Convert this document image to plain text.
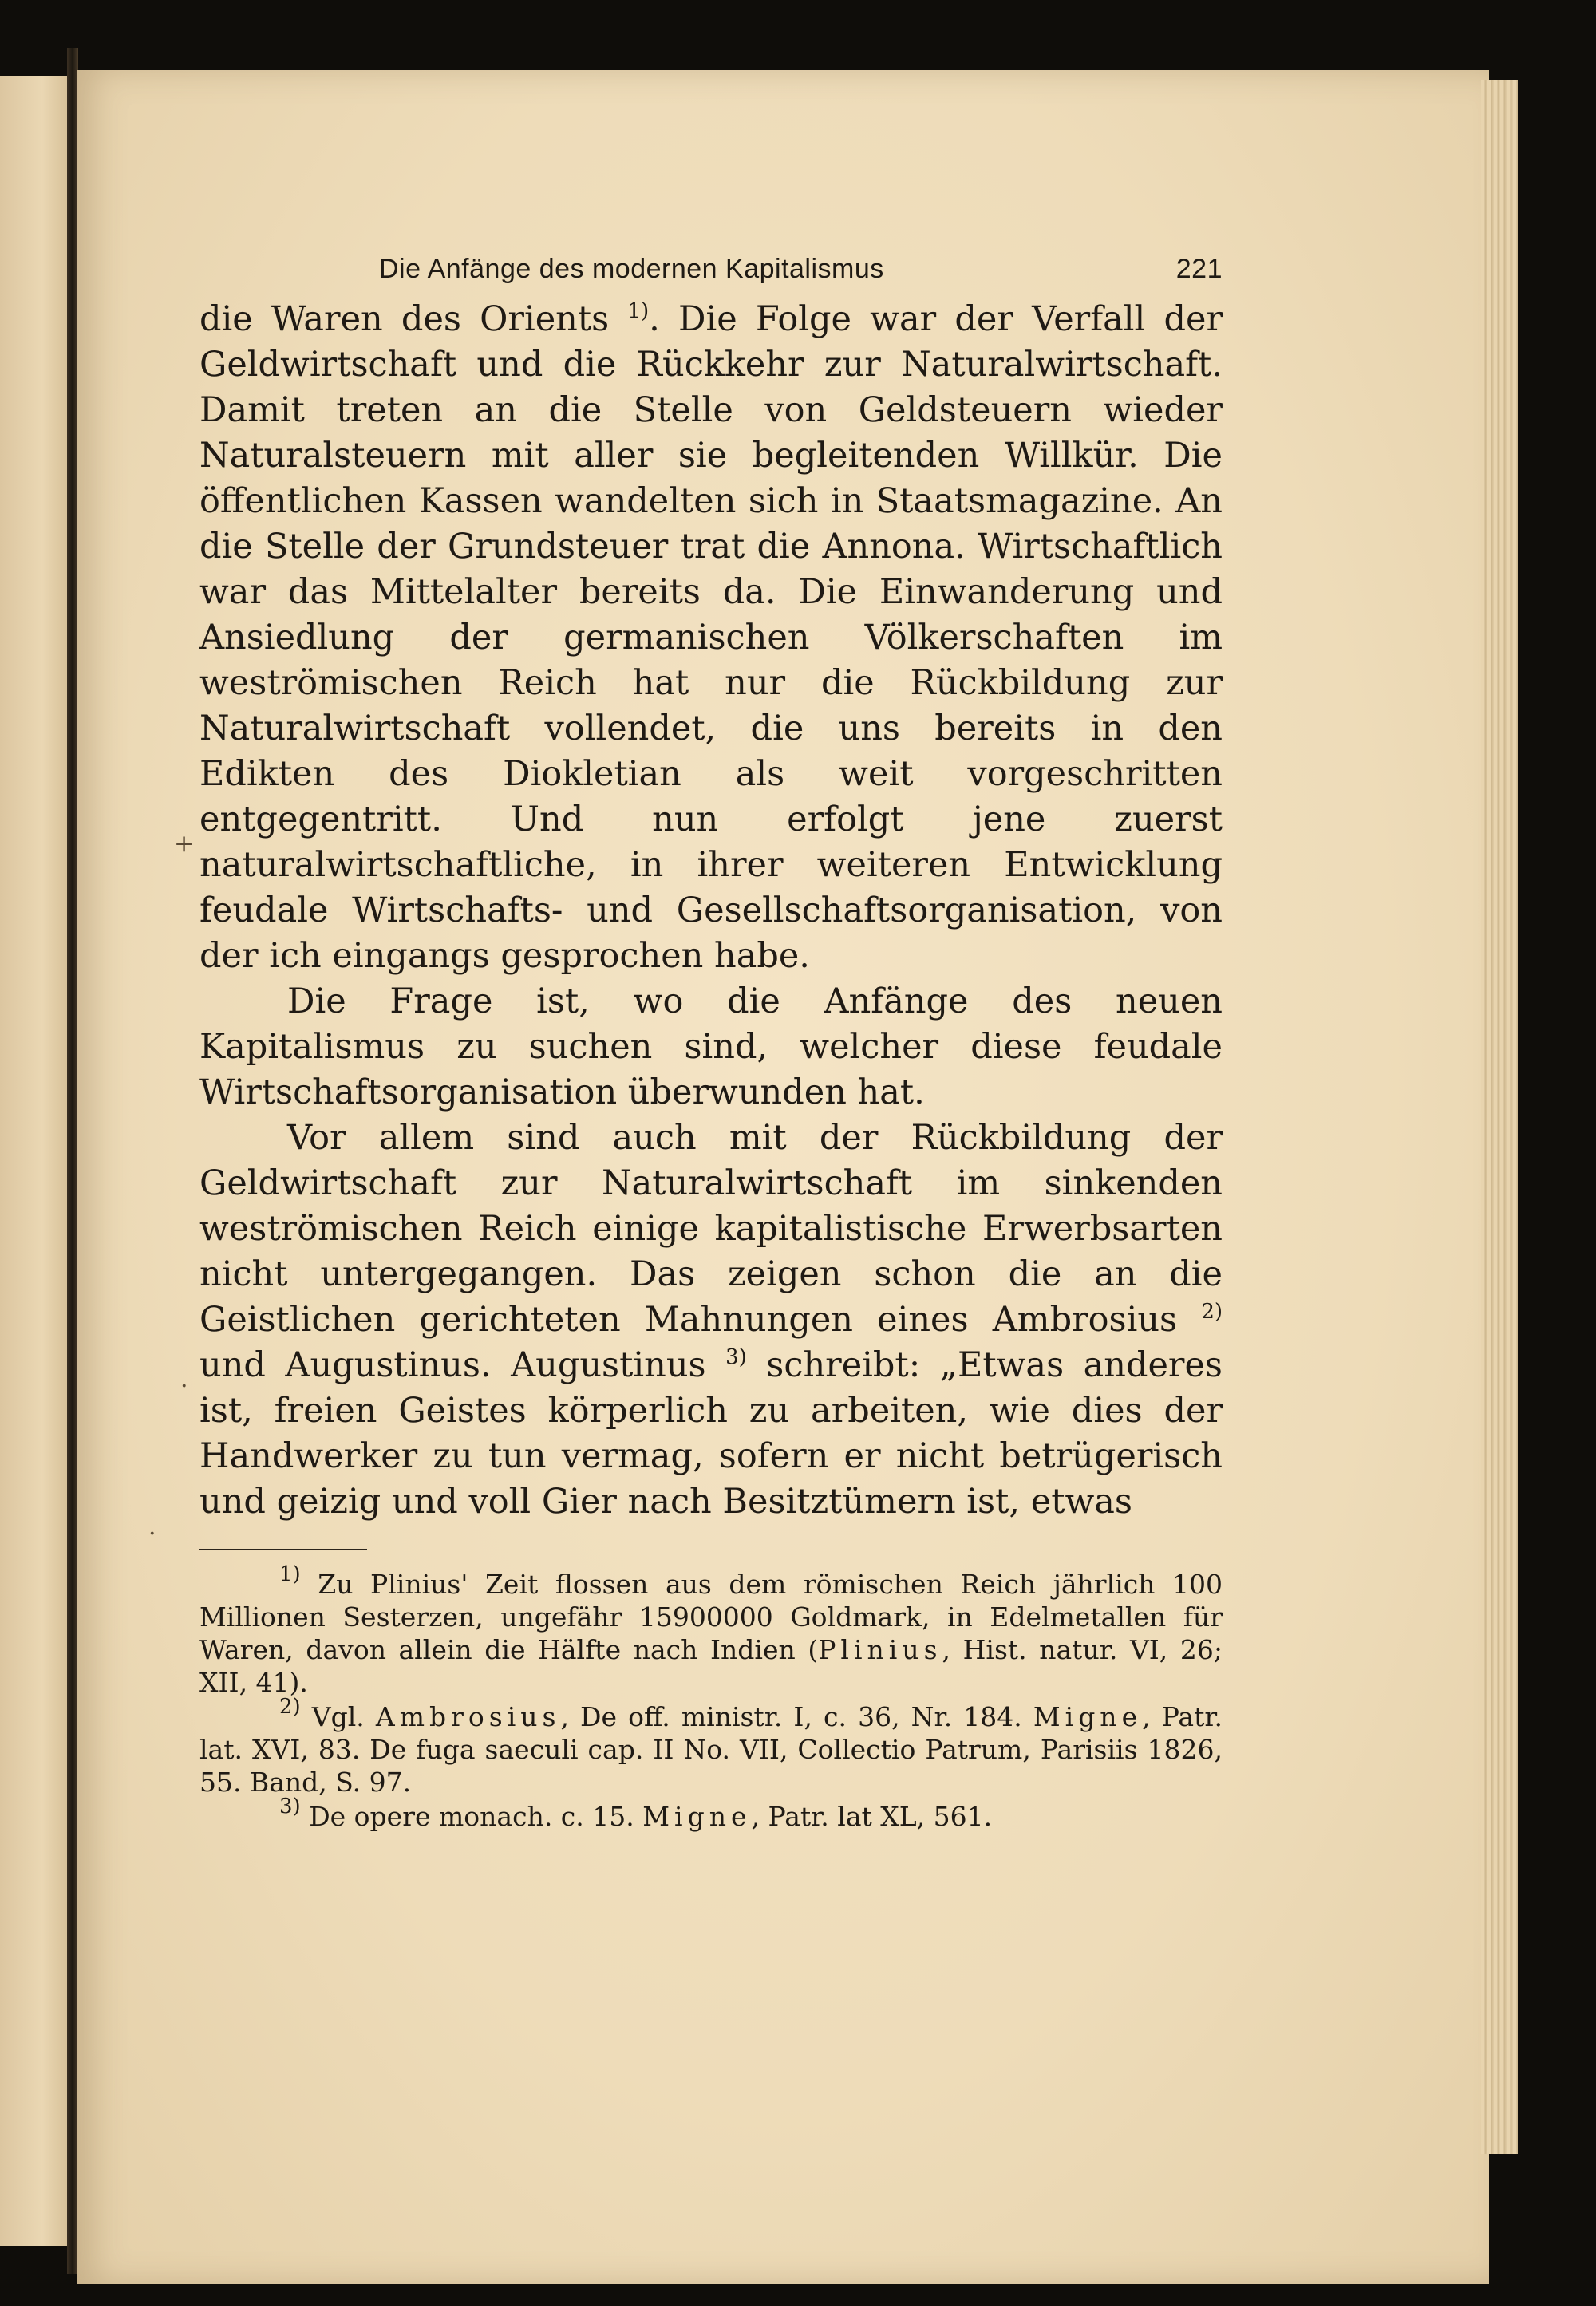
+
·
·
Die Anfänge des modernen Kapitalismus	221

die Waren des Orients $^{1)}$. Die Folge war der Verfall der Geldwirtschaft und die Rückkehr zur Naturalwirtschaft. Damit treten an die Stelle von Geldsteuern wieder Naturalsteuern mit aller sie begleitenden Willkür. Die öffentlichen Kassen wandelten sich in Staatsmagazine. An die Stelle der Grundsteuer trat die Annona. Wirtschaftlich war das Mittelalter bereits da. Die Einwanderung und Ansiedlung der germanischen Völkerschaften im weströmischen Reich hat nur die Rückbildung zur Naturalwirtschaft vollendet, die uns bereits in den Edikten des Diokletian als weit vorgeschritten entgegentritt. Und nun erfolgt jene zuerst naturalwirtschaftliche, in ihrer weiteren Entwicklung feudale Wirtschafts- und Gesellschaftsorganisation, von der ich eingangs gesprochen habe.

Die Frage ist, wo die Anfänge des neuen Kapitalismus zu suchen sind, welcher diese feudale Wirtschaftsorganisation überwunden hat.

Vor allem sind auch mit der Rückbildung der Geldwirtschaft zur Naturalwirtschaft im sinkenden weströmischen Reich einige kapitalistische Erwerbsarten nicht untergegangen. Das zeigen schon die an die Geistlichen gerichteten Mahnungen eines Ambrosius $^{2)}$ und Augustinus. Augustinus $^{3)}$ schreibt: „Etwas anderes ist, freien Geistes körperlich zu arbeiten, wie dies der Handwerker zu tun vermag, sofern er nicht betrügerisch und geizig und voll Gier nach Besitztümern ist, etwas

$^{1)}$ Zu Plinius' Zeit flossen aus dem römischen Reich jährlich 100 Millionen Sesterzen, ungefähr 15900000 Goldmark, in Edelmetallen für Waren, davon allein die Hälfte nach Indien (Plinius, Hist. natur. VI, 26; XII, 41).

$^{2)}$ Vgl. Ambrosius, De off. ministr. I, c. 36, Nr. 184. Migne, Patr. lat. XVI, 83. De fuga saeculi cap. II No. VII, Collectio Patrum, Parisiis 1826, 55. Band, S. 97.

$^{3)}$ De opere monach. c. 15. Migne, Patr. lat XL, 561.
